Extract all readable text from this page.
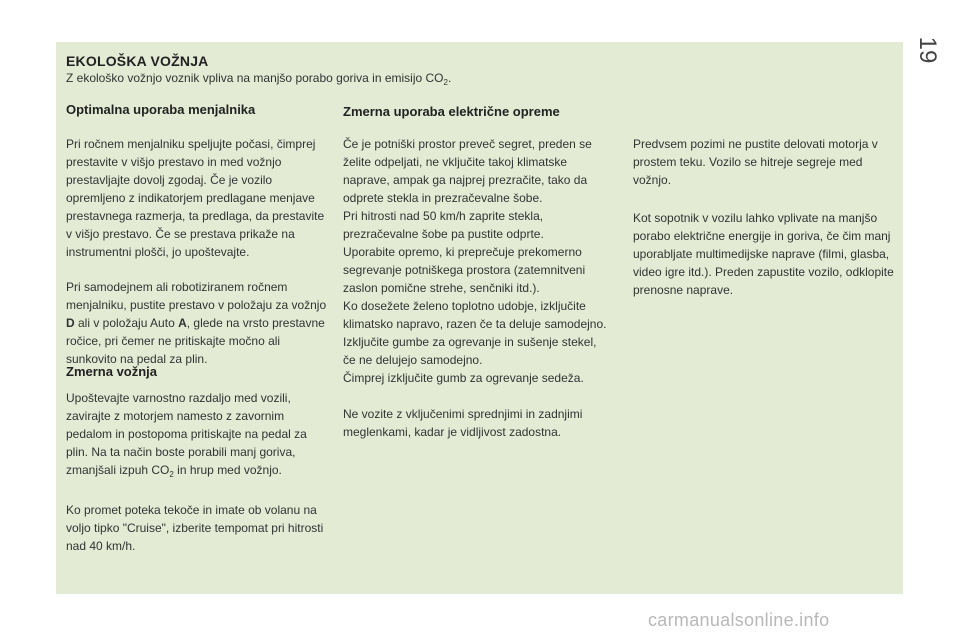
19
EKOLOŠKA VOŽNJA
Z ekološko vožnjo voznik vpliva na manjšo porabo goriva in emisijo $CO_2$.
Optimalna uporaba menjalnika
Pri ročnem menjalniku speljujte počasi, čimprej prestavite v višjo prestavo in med vožnjo prestavljajte dovolj zgodaj. Če je vozilo opremljeno z indikatorjem predlagane menjave prestavnega razmerja, ta predlaga, da prestavite v višjo prestavo. Če se prestava prikaže na instrumentni plošči, jo upoštevajte.
Pri samodejnem ali robotiziranem ročnem menjalniku, pustite prestavo v položaju za vožnjo D ali v položaju Auto A, glede na vrsto prestavne ročice, pri čemer ne pritiskajte močno ali sunkovito na pedal za plin.
Zmerna vožnja
Upoštevajte varnostno razdaljo med vozili, zavirajte z motorjem namesto z zavornim pedalom in postopoma pritiskajte na pedal za plin. Na ta način boste porabili manj goriva, zmanjšali izpuh $CO_2$ in hrup med vožnjo.
Ko promet poteka tekoče in imate ob volanu na voljo tipko "Cruise", izberite tempomat pri hitrosti nad 40 km/h.
Zmerna uporaba električne opreme
Če je potniški prostor preveč segret, preden se želite odpeljati, ne vključite takoj klimatske naprave, ampak ga najprej prezračite, tako da odprete stekla in prezračevalne šobe.
Pri hitrosti nad 50 km/h zaprite stekla, prezračevalne šobe pa pustite odprte.
Uporabite opremo, ki preprečuje prekomerno segrevanje potniškega prostora (zatemnitveni zaslon pomične strehe, senčniki itd.).
Ko dosežete želeno toplotno udobje, izključite klimatsko napravo, razen če ta deluje samodejno.
Izključite gumbe za ogrevanje in sušenje stekel, če ne delujejo samodejno.
Čimprej izključite gumb za ogrevanje sedeža.
Ne vozite z vključenimi sprednjimi in zadnjimi meglenkami, kadar je vidljivost zadostna.
Predvsem pozimi ne pustite delovati motorja v prostem teku. Vozilo se hitreje segreje med vožnjo.
Kot sopotnik v vozilu lahko vplivate na manjšo porabo električne energije in goriva, če čim manj uporabljate multimedijske naprave (filmi, glasba, video igre itd.). Preden zapustite vozilo, odklopite prenosne naprave.
carmanualsonline.info
